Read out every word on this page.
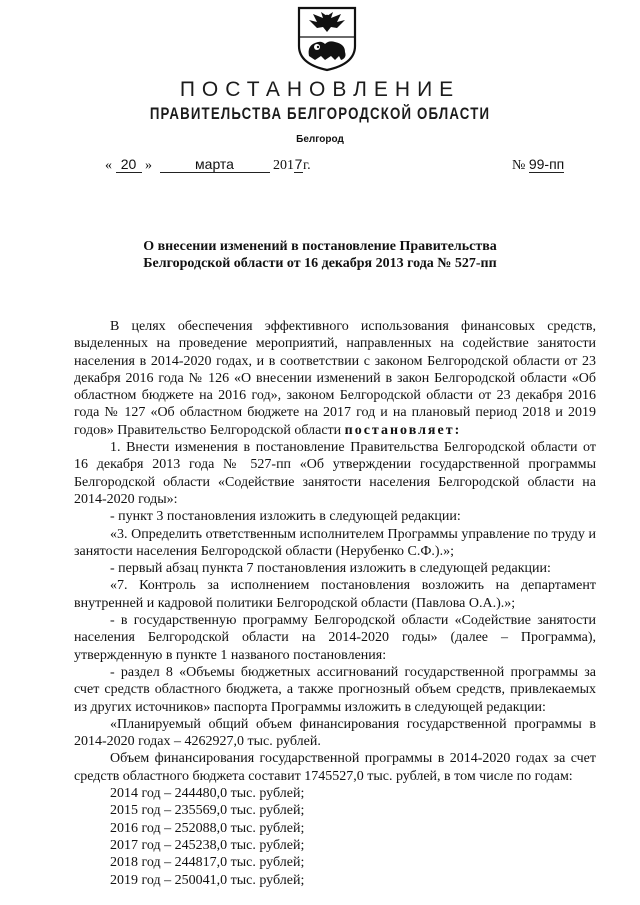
ПОСТАНОВЛЕНИЕ
ПРАВИТЕЛЬСТВА БЕЛГОРОДСКОЙ ОБЛАСТИ
Белгород
« 20 »	марта	2017г.	№ 99-пп
О внесении изменений в постановление Правительства
Белгородской области от 16 декабря 2013 года № 527-пп

В целях обеспечения эффективного использования финансовых средств, выделенных на проведение мероприятий, направленных на содействие занятости населения в 2014-2020 годах, и в соответствии с законом Белгородской области от 23 декабря 2016 года № 126 «О внесении изменений в закон Белгородской области «Об областном бюджете на 2016 год», законом Белгородской области от 23 декабря 2016 года № 127 «Об областном бюджете на 2017 год и на плановый период 2018 и 2019 годов» Правительство Белгородской области постановляет:

1. Внести изменения в постановление Правительства Белгородской области от 16 декабря 2013 года № 527-пп «Об утверждении государственной программы Белгородской области «Содействие занятости населения Белгородской области на 2014-2020 годы»:

- пункт 3 постановления изложить в следующей редакции:

«3. Определить ответственным исполнителем Программы управление по труду и занятости населения Белгородской области (Нерубенко С.Ф.).»;

- первый абзац пункта 7 постановления изложить в следующей редакции:

«7. Контроль за исполнением постановления возложить на департамент внутренней и кадровой политики Белгородской области (Павлова О.А.).»;

- в государственную программу Белгородской области «Содействие занятости населения Белгородской области на 2014-2020 годы» (далее – Программа), утвержденную в пункте 1 названого постановления:

- раздел 8 «Объемы бюджетных ассигнований государственной программы за счет средств областного бюджета, а также прогнозный объем средств, привлекаемых из других источников» паспорта Программы изложить в следующей редакции:

«Планируемый общий объем финансирования государственной программы в 2014-2020 годах – 4262927,0 тыс. рублей.

Объем финансирования государственной программы в 2014-2020 годах за счет средств областного бюджета составит 1745527,0 тыс. рублей, в том числе по годам:

2014 год – 244480,0 тыс. рублей;
2015 год – 235569,0 тыс. рублей;
2016 год – 252088,0 тыс. рублей;
2017 год – 245238,0 тыс. рублей;
2018 год – 244817,0 тыс. рублей;
2019 год – 250041,0 тыс. рублей;
